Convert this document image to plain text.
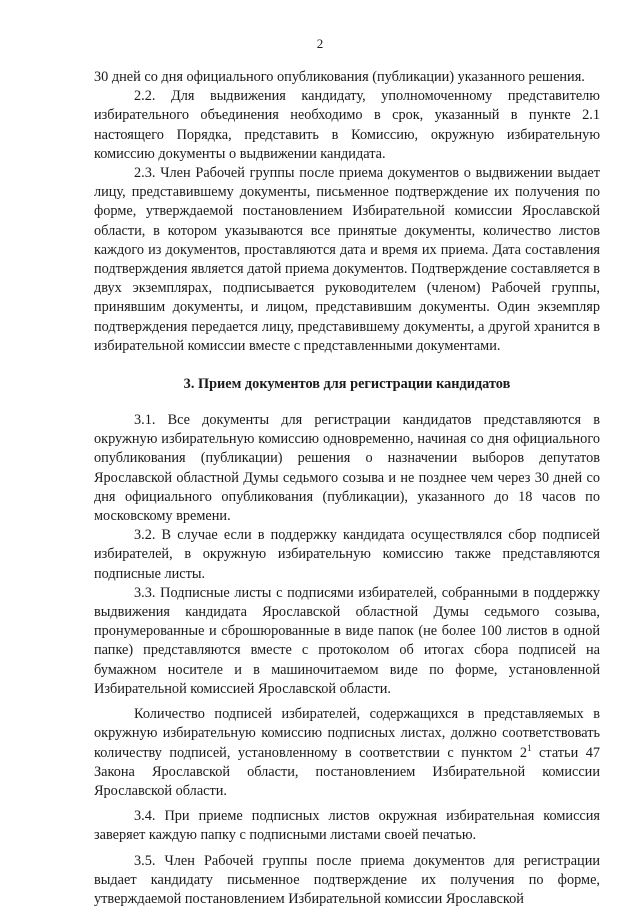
2

30 дней со дня официального опубликования (публикации) указанного решения.

2.2. Для выдвижения кандидату, уполномоченному представителю избирательного объединения необходимо в срок, указанный в пункте 2.1 настоящего Порядка, представить в Комиссию, окружную избирательную комиссию документы о выдвижении кандидата.

2.3. Член Рабочей группы после приема документов о выдвижении выдает лицу, представившему документы, письменное подтверждение их получения по форме, утверждаемой постановлением Избирательной комиссии Ярославской области, в котором указываются все принятые документы, количество листов каждого из документов, проставляются дата и время их приема. Дата составления подтверждения является датой приема документов. Подтверждение составляется в двух экземплярах, подписывается руководителем (членом) Рабочей группы, принявшим документы, и лицом, представившим документы. Один экземпляр подтверждения передается лицу, представившему документы, а другой хранится в избирательной комиссии вместе с представленными документами.

3. Прием документов для регистрации кандидатов

3.1. Все документы для регистрации кандидатов представляются в окружную избирательную комиссию одновременно, начиная со дня официального опубликования (публикации) решения о назначении выборов депутатов Ярославской областной Думы седьмого созыва и не позднее чем через 30 дней со дня официального опубликования (публикации), указанного до 18 часов по московскому времени.

3.2. В случае если в поддержку кандидата осуществлялся сбор подписей избирателей, в окружную избирательную комиссию также представляются подписные листы.

3.3. Подписные листы с подписями избирателей, собранными в поддержку выдвижения кандидата Ярославской областной Думы седьмого созыва, пронумерованные и сброшюрованные в виде папок (не более 100 листов в одной папке) представляются вместе с протоколом об итогах сбора подписей на бумажном носителе и в машиночитаемом виде по форме, установленной Избирательной комиссией Ярославской области.

Количество подписей избирателей, содержащихся в представляемых в окружную избирательную комиссию подписных листах, должно соответствовать количеству подписей, установленному в соответствии с пунктом $2^1$ статьи 47 Закона Ярославской области, постановлением Избирательной комиссии Ярославской области.

3.4. При приеме подписных листов окружная избирательная комиссия заверяет каждую папку с подписными листами своей печатью.

3.5. Член Рабочей группы после приема документов для регистрации выдает кандидату письменное подтверждение их получения по форме, утверждаемой постановлением Избирательной комиссии Ярославской
